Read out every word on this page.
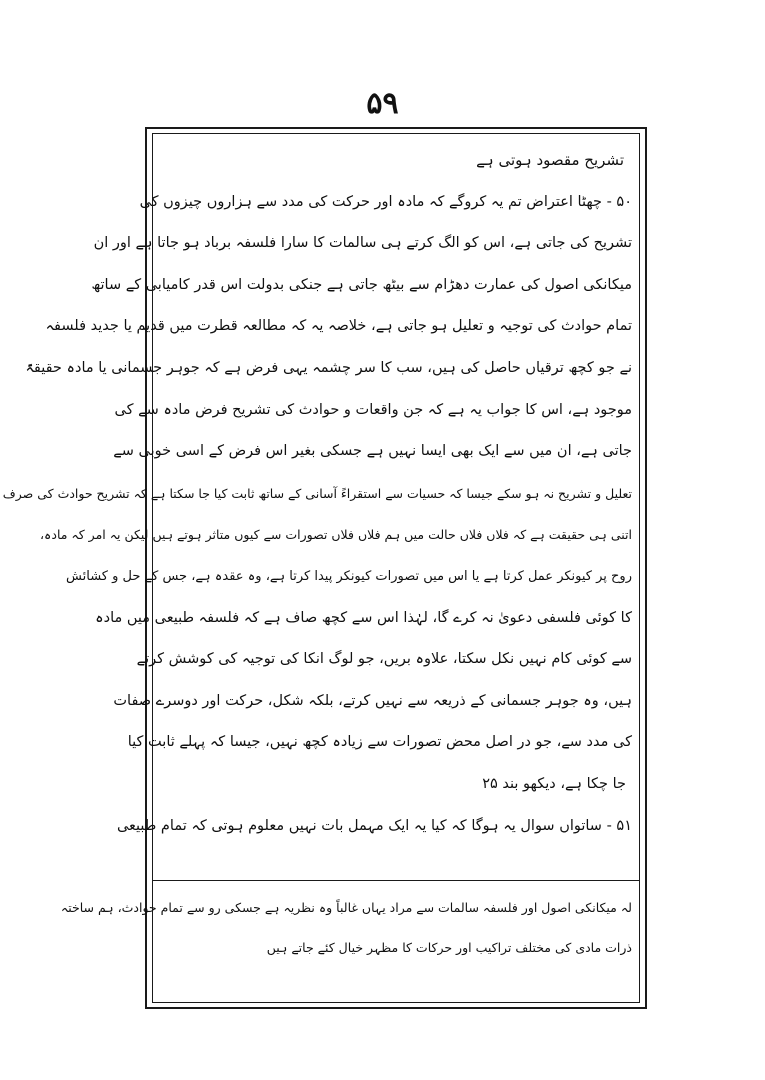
۵۹
تشریح مقصود ہوتی ہے
۵۰ - چھٹا اعتراض تم یہ کروگے کہ مادہ اور حرکت کی مدد سے ہزاروں چیزوں کی
تشریح کی جاتی ہے، اس کو الگ کرتے ہی سالمات کا سارا فلسفہ برباد ہو جاتا ہے اور ان
میکانکی اصول کی عمارت دھڑام سے بیٹھ جاتی ہے جنکی بدولت اس قدر کامیابی کے ساتھ
تمام حوادث کی توجیہ و تعلیل ہو جاتی ہے، خلاصہ یہ کہ مطالعہ قطرت میں قدیم یا جدید فلسفہ
نے جو کچھ ترقیاں حاصل کی ہیں، سب کا سر چشمہ یہی فرض ہے کہ جوہر جسمانی یا مادہ حقیقۃً
موجود ہے، اس کا جواب یہ ہے کہ جن واقعات و حوادث کی تشریح فرض مادہ سے کی
جاتی ہے، ان میں سے ایک بھی ایسا نہیں ہے جسکی بغیر اس فرض کے اسی خوبی سے
تعلیل و تشریح نہ ہو سکے جیسا کہ حسیات سے استقراءً آسانی کے ساتھ ثابت کیا جا سکتا ہے کہ تشریح حوادث کی صرف
اتنی ہی حقیقت ہے کہ فلاں فلاں حالت میں ہم فلاں فلاں تصورات سے کیوں متاثر ہوتے ہیں لیکن یہ امر کہ مادہ،
روح پر کیونکر عمل کرتا ہے یا اس میں تصورات کیونکر پیدا کرتا ہے، وہ عقدہ ہے، جس کے حل و کشائش
کا کوئی فلسفی دعویٰ نہ کرے گا، لہٰذا اس سے کچھ صاف ہے کہ فلسفہ طبیعی میں مادہ
سے کوئی کام نہیں نکل سکتا، علاوہ بریں، جو لوگ انکا کی توجیہ کی کوشش کرتے
ہیں، وہ جوہر جسمانی کے ذریعہ سے نہیں کرتے، بلکہ شکل، حرکت اور دوسرے صفات
کی مدد سے، جو در اصل محض تصورات سے زیادہ کچھ نہیں، جیسا کہ پہلے ثابت کیا
جا چکا ہے، دیکھو بند ۲۵
۵۱ - ساتواں سوال یہ ہوگا کہ کیا یہ ایک مہمل بات نہیں معلوم ہوتی کہ تمام طبیعی
لہ میکانکی اصول اور فلسفہ سالمات سے مراد یہاں غالباً وہ نظریہ ہے جسکی رو سے تمام حوادث، ہم ساختہ
ذرات مادی کی مختلف تراکیب اور حرکات کا مظہر خیال کئے جاتے ہیں
